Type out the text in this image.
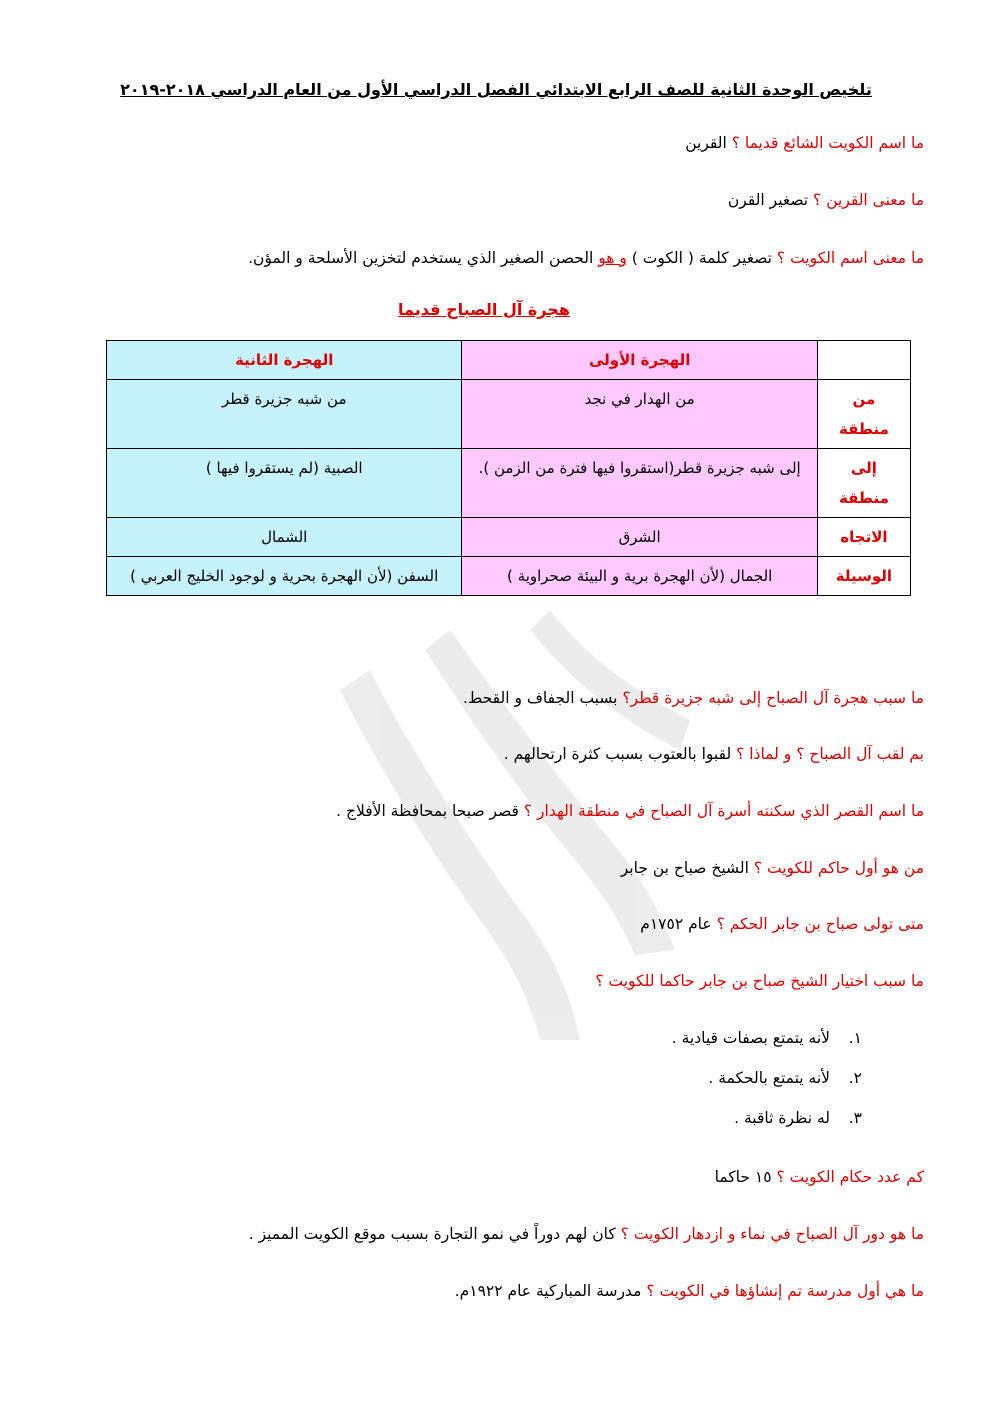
تلخيص الوحدة الثانية للصف الرابع الابتدائي الفصل الدراسي الأول من العام الدراسي ٢٠١٨-٢٠١٩
ما اسم الكويت الشائع قديما ؟ القرين
ما معنى القرين ؟ تصغير القرن
ما معنى اسم الكويت ؟ تصغير كلمة ( الكوت ) و هو الحصن الصغير الذي يستخدم لتخزين الأسلحة و المؤن.
هجرة آل الصباح قديما
	الهجرة الأولى	الهجرة الثانية
من منطقة	من الهدار في نجد	من شبه جزيرة قطر
إلى منطقة	إلى شبه جزيرة قطر(استقروا فيها فترة من الزمن ).	الصبية (لم يستقروا فيها )
الاتجاه	الشرق	الشمال
الوسيلة	الجمال (لأن الهجرة برية و البيئة صحراوية )	السفن (لأن الهجرة بحرية و لوجود الخليج العربي )
ما سبب هجرة آل الصباح إلى شبه جزيرة قطر؟ بسبب الجفاف و القحط.
بم لقب آل الصباح ؟ و لماذا ؟ لقبوا بالعتوب بسبب كثرة ارتحالهم .
ما اسم القصر الذي سكنته أسرة آل الصباح في منطقة الهدار ؟ قصر صبحا بمحافظة الأفلاج .
من هو أول حاكم للكويت ؟ الشيخ صباح بن جابر
متى تولى صباح بن جابر الحكم ؟ عام ١٧٥٢م
ما سبب اختيار الشيخ صباح بن جابر حاكما للكويت ؟
١.لأنه يتمتع بصفات قيادية .
٢.لأنه يتمتع بالحكمة .
٣.له نظرة ثاقبة .
كم عدد حكام الكويت ؟ ١٥ حاكما
ما هو دور آل الصباح في نماء و ازدهار الكويت ؟ كان لهم دوراً في نمو التجارة بسبب موقع الكويت المميز .
ما هي أول مدرسة تم إنشاؤها في الكويت ؟ مدرسة المباركية عام ١٩٢٢م.
